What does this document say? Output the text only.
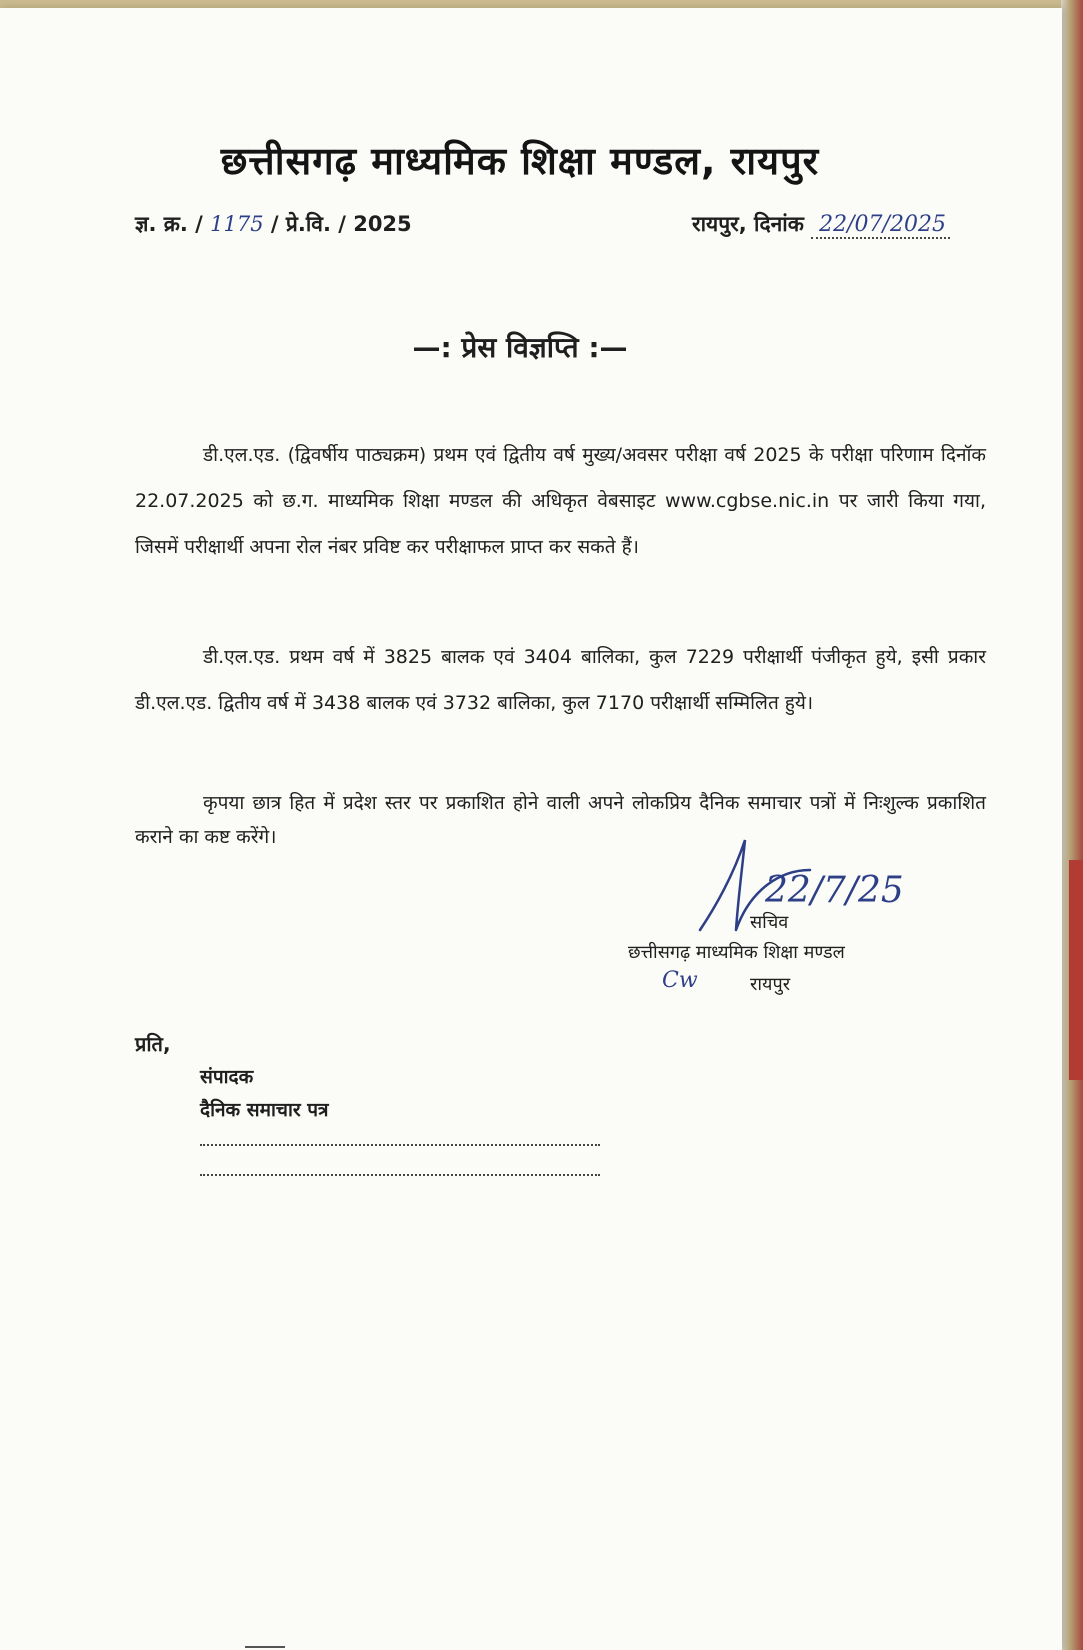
छत्तीसगढ़ माध्यमिक शिक्षा मण्डल, रायपुर
ज्ञ. क्र. / 1175 / प्रे.वि. / 2025	रायपुर, दिनांक 22/07/2025
—: प्रेस विज्ञप्ति :—

डी.एल.एड. (द्विवर्षीय पाठ्यक्रम) प्रथम एवं द्वितीय वर्ष मुख्य/अवसर परीक्षा वर्ष 2025 के परीक्षा परिणाम दिनॉक 22.07.2025 को छ.ग. माध्यमिक शिक्षा मण्डल की अधिकृत वेबसाइट www.cgbse.nic.in पर जारी किया गया, जिसमें परीक्षार्थी अपना रोल नंबर प्रविष्ट कर परीक्षाफल प्राप्त कर सकते हैं।

डी.एल.एड. प्रथम वर्ष में 3825 बालक एवं 3404 बालिका, कुल 7229 परीक्षार्थी पंजीकृत हुये, इसी प्रकार डी.एल.एड. द्वितीय वर्ष में 3438 बालक एवं 3732 बालिका, कुल 7170 परीक्षार्थी सम्मिलित हुये।

कृपया छात्र हित में प्रदेश स्तर पर प्रकाशित होने वाली अपने लोकप्रिय दैनिक समाचार पत्रों में निःशुल्क प्रकाशित कराने का कष्ट करेंगे।

22/7/25
सचिव
छत्तीसगढ़ माध्यमिक शिक्षा मण्डल
Cw	रायपुर
प्रति,
संपादक
दैनिक समाचार पत्र
